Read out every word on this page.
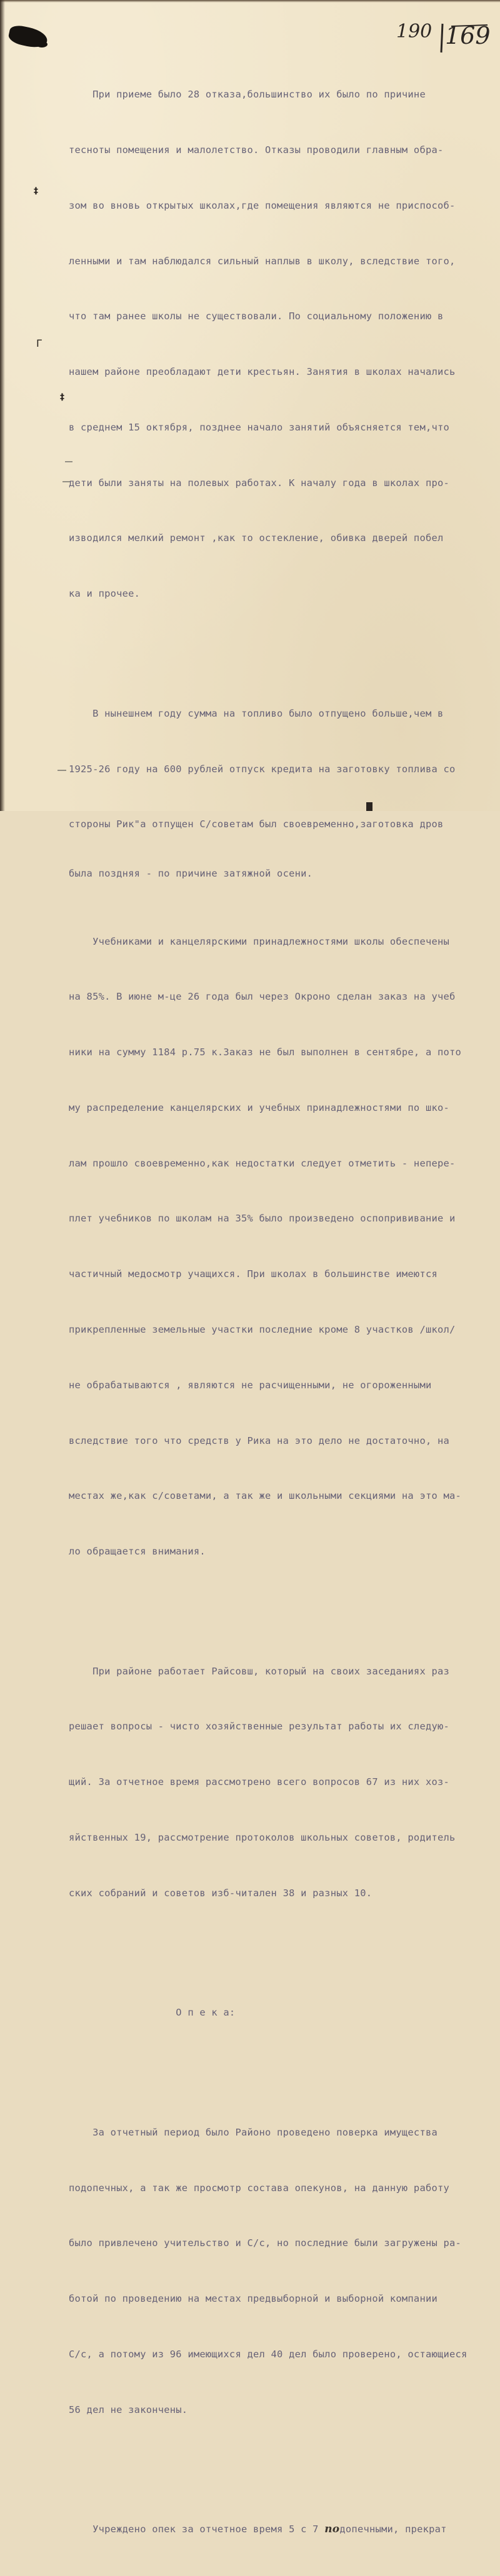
190 169
‡
Г
‡

При приеме было 28 отказа,большинство их было по причине

тесноты помещения и малолетство. Отказы проводили главным обра-

зом во вновь открытых школах,где помещения являются не приспособ-

ленными и там наблюдался сильный наплыв в школу, вследствие того,

что там ранее школы не существовали. По социальному положению в

нашем районе преобладают дети крестьян. Занятия в школах начались

в среднем 15 октября, позднее начало занятий объясняется тем,что

дети были заняты на полевых работах. К началу года в школах про-

изводился мелкий ремонт ,как то остекление, обивка дверей побел

ка и прочее.

В нынешнем году сумма на топливо было отпущено больше,чем в

1925-26 году на 600 рублей отпуск кредита на заготовку топлива со

стороны Рик"а отпущен С/советам был своевременно,заготовка дров

была поздняя - по причине затяжной осени.

Учебниками и канцелярскими принадлежностями школы обеспечены

на 85%. В июне м-це 26 года был через Окроно сделан заказ на учеб

ники на сумму 1184 р.75 к.Заказ не был выполнен в сентябре, а пото

му распределение канцелярских и учебных принадлежностями по шко-

лам прошло своевременно,как недостатки следует отметить - непере-

плет учебников по школам на 35% было произведено оспопрививание и

частичный медосмотр учащихся. При школах в большинстве имеются

прикрепленные земельные участки последние кроме 8 участков /школ/

не обрабатываются , являются не расчищенными, не огороженными

вследствие того что средств у Рика на это дело не достаточно, на

местах же,как с/советами, а так же и школьными секциями на это ма-

ло обращается внимания.

При районе работает Райсовш, который на своих заседаниях раз

решает вопросы - чисто хозяйственные результат работы их следую-

щий. За отчетное время рассмотрено всего вопросов 67 из них хоз-

яйственных 19, рассмотрение протоколов школьных советов, родитель

ских собраний и советов изб-читален 38 и разных 10.

О п е к а:

За отчетный период было Районо проведено поверка имущества

подопечных, а так же просмотр состава опекунов, на данную работу

было привлечено учительство и С/с, но последние были загружены ра-

ботой по проведению на местах предвыборной и выборной компании

С/с, а потому из 96 имеющихся дел 40 дел было проверено, остающиеся

56 дел не закончены.

Учреждено опек за отчетное время 5 с 7 подопечными, прекрат
